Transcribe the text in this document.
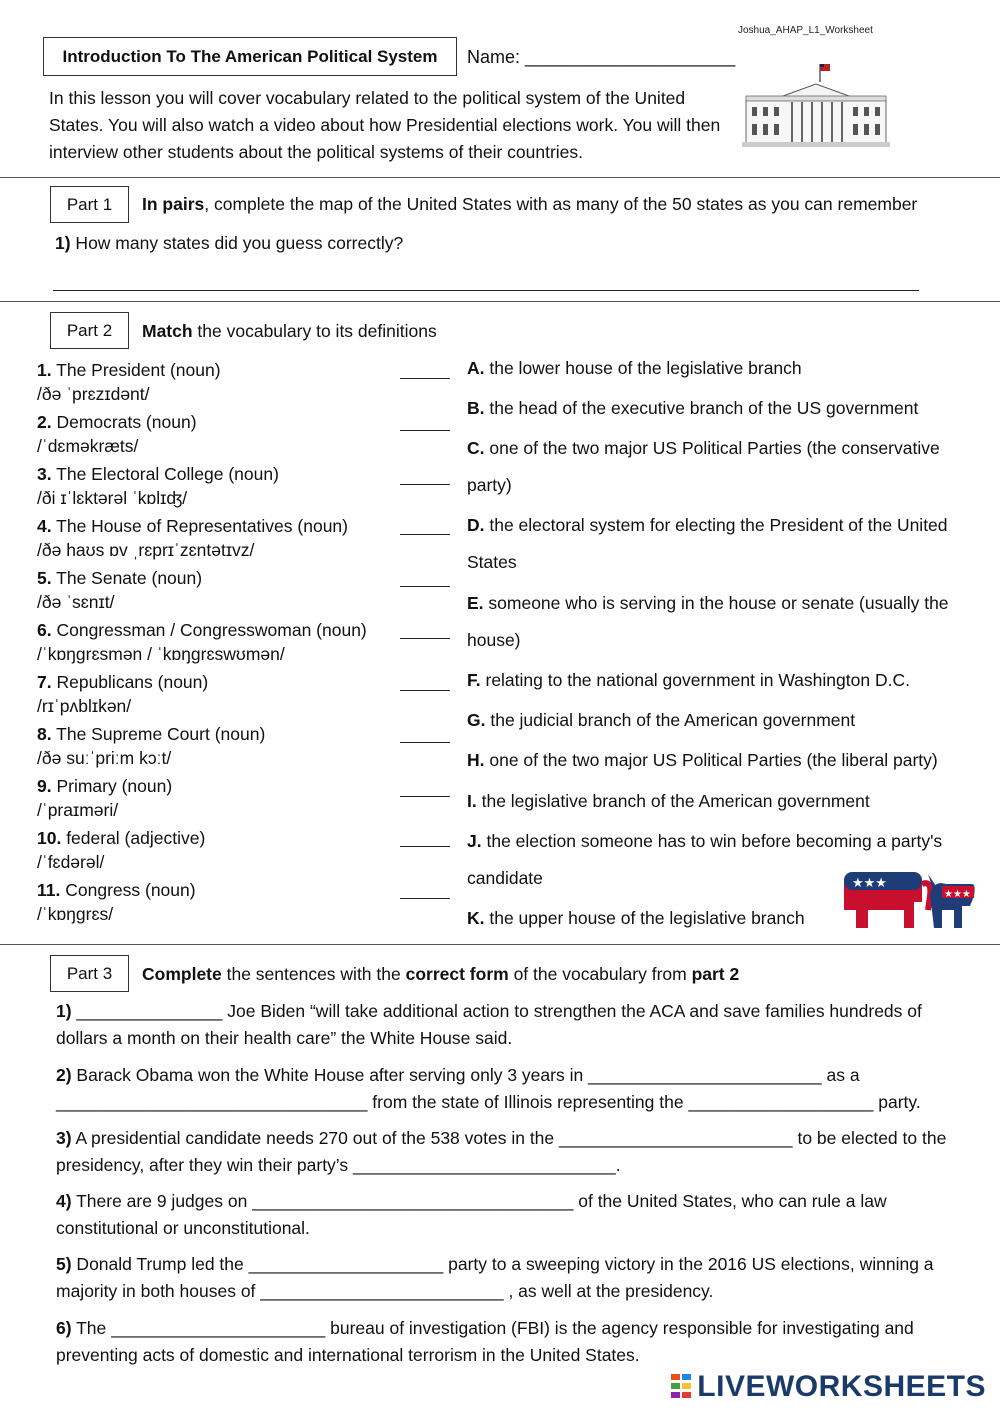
Joshua_AHAP_L1_Worksheet
Introduction To The American Political System	Name: _____________________
In this lesson you will cover vocabulary related to the political system of the United States. You will also watch a video about how Presidential elections work. You will then interview other students about the political systems of their countries.
Part 1	In pairs, complete the map of the United States with as many of the 50 states as you can remember
1) How many states did you guess correctly?
Part 2	Match the vocabulary to its definitions
1. The President (noun)
/ðə ˈprɛzɪdənt/
2. Democrats (noun)
/ˈdɛməkræts/
3. The Electoral College (noun)
/ði ɪˈlɛktərəl ˈkɒlɪʤ/
4. The House of Representatives (noun)
/ðə haʊs ɒv ˌrɛprɪˈzɛntətɪvz/
5. The Senate (noun)
/ðə ˈsɛnɪt/
6. Congressman / Congresswoman (noun)
/ˈkɒŋgrɛsmən / ˈkɒŋgrɛswʊmən/
7. Republicans (noun)
/rɪˈpʌblɪkən/
8. The Supreme Court (noun)
/ðə suːˈpriːm kɔːt/
9. Primary (noun)
/ˈpraɪməri/
10. federal (adjective)
/ˈfɛdərəl/
11. Congress (noun)
/ˈkɒŋgrɛs/
A. the lower house of the legislative branch
B. the head of the executive branch of the US government
C. one of the two major US Political Parties (the conservative party)
D. the electoral system for electing the President of the United States
E. someone who is serving in the house or senate (usually the house)
F. relating to the national government in Washington D.C.
G. the judicial branch of the American government
H. one of the two major US Political Parties (the liberal party)
I. the legislative branch of the American government
J. the election someone has to win before becoming a party's candidate
K. the upper house of the legislative branch
★★★
★★★
Part 3	Complete the sentences with the correct form of the vocabulary from part 2
1) _______________ Joe Biden “will take additional action to strengthen the ACA and save families hundreds of dollars a month on their health care” the White House said.
2) Barack Obama won the White House after serving only 3 years in ________________________ as a ________________________________ from the state of Illinois representing the ___________________ party.
3) A presidential candidate needs 270 out of the 538 votes in the ________________________ to be elected to the presidency, after they win their party’s ___________________________.
4) There are 9 judges on _________________________________ of the United States, who can rule a law constitutional or unconstitutional.
5) Donald Trump led the ____________________ party to a sweeping victory in the 2016 US elections, winning a majority in both houses of _________________________ , as well at the presidency.
6) The ______________________ bureau of investigation (FBI) is the agency responsible for investigating and preventing acts of domestic and international terrorism in the United States.
LIVEWORKSHEETS
